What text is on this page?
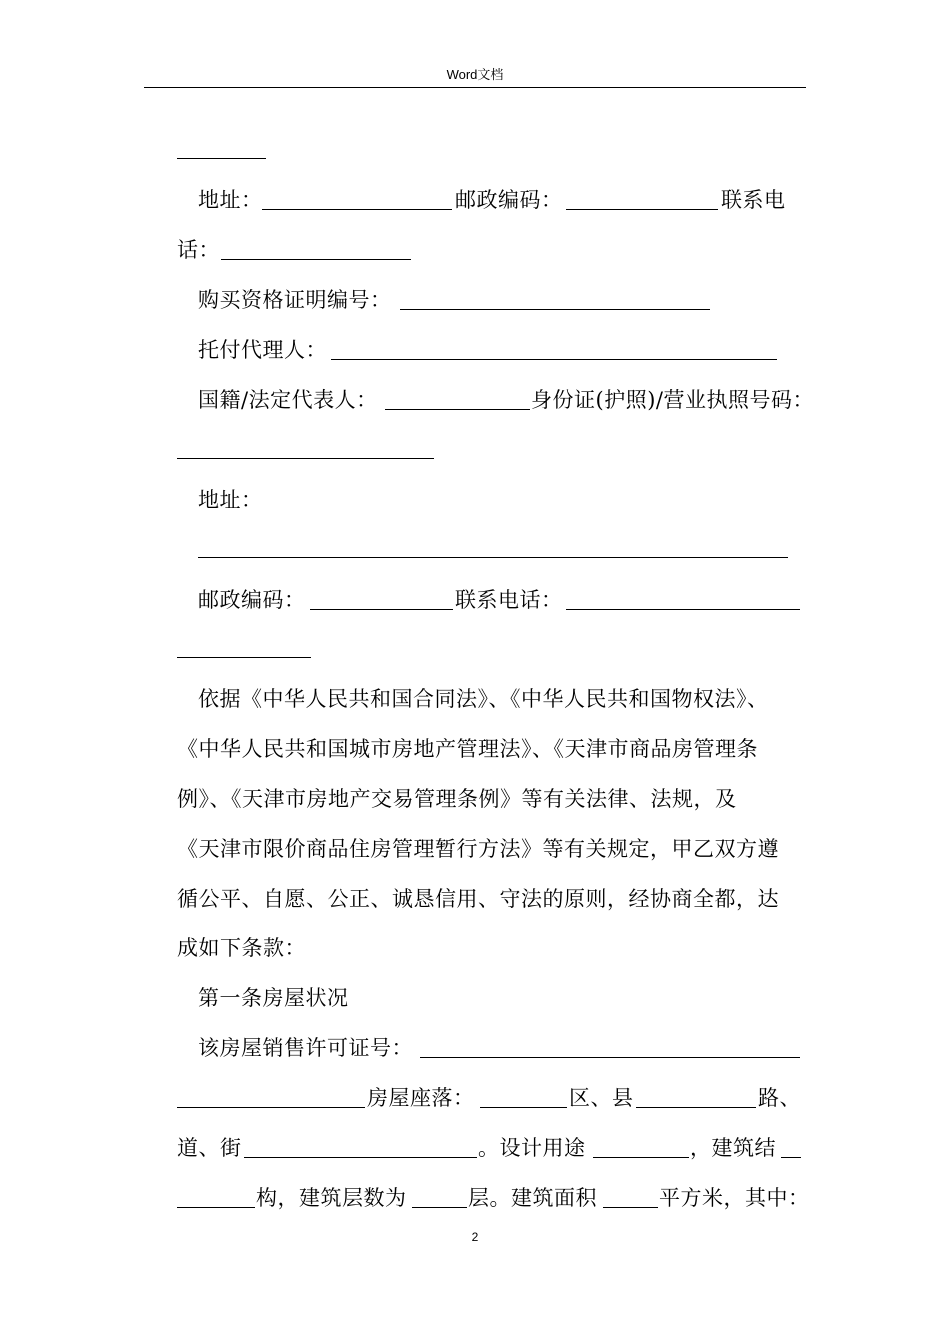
Word文档
地址：	邮政编码：	联系电
话：
购买资格证明编号：
托付代理人：
国籍/法定代表人：	身份证(护照)/营业执照号码：
地址：
邮政编码：	联系电话：
依据《中华人民共和国合同法》、《中华人民共和国物权法》、
《中华人民共和国城市房地产管理法》、《天津市商品房管理条
例》、《天津市房地产交易管理条例》等有关法律、法规，及
《天津市限价商品住房管理暂行方法》等有关规定，甲乙双方遵
循公平、自愿、公正、诚恳信用、守法的原则，经协商全都，达
成如下条款：
第一条房屋状况
该房屋销售许可证号：
房屋座落：	区、县	路、
道、街	。设计用途	，建筑结
构，建筑层数为	层。建筑面积	平方米，其中：
2
